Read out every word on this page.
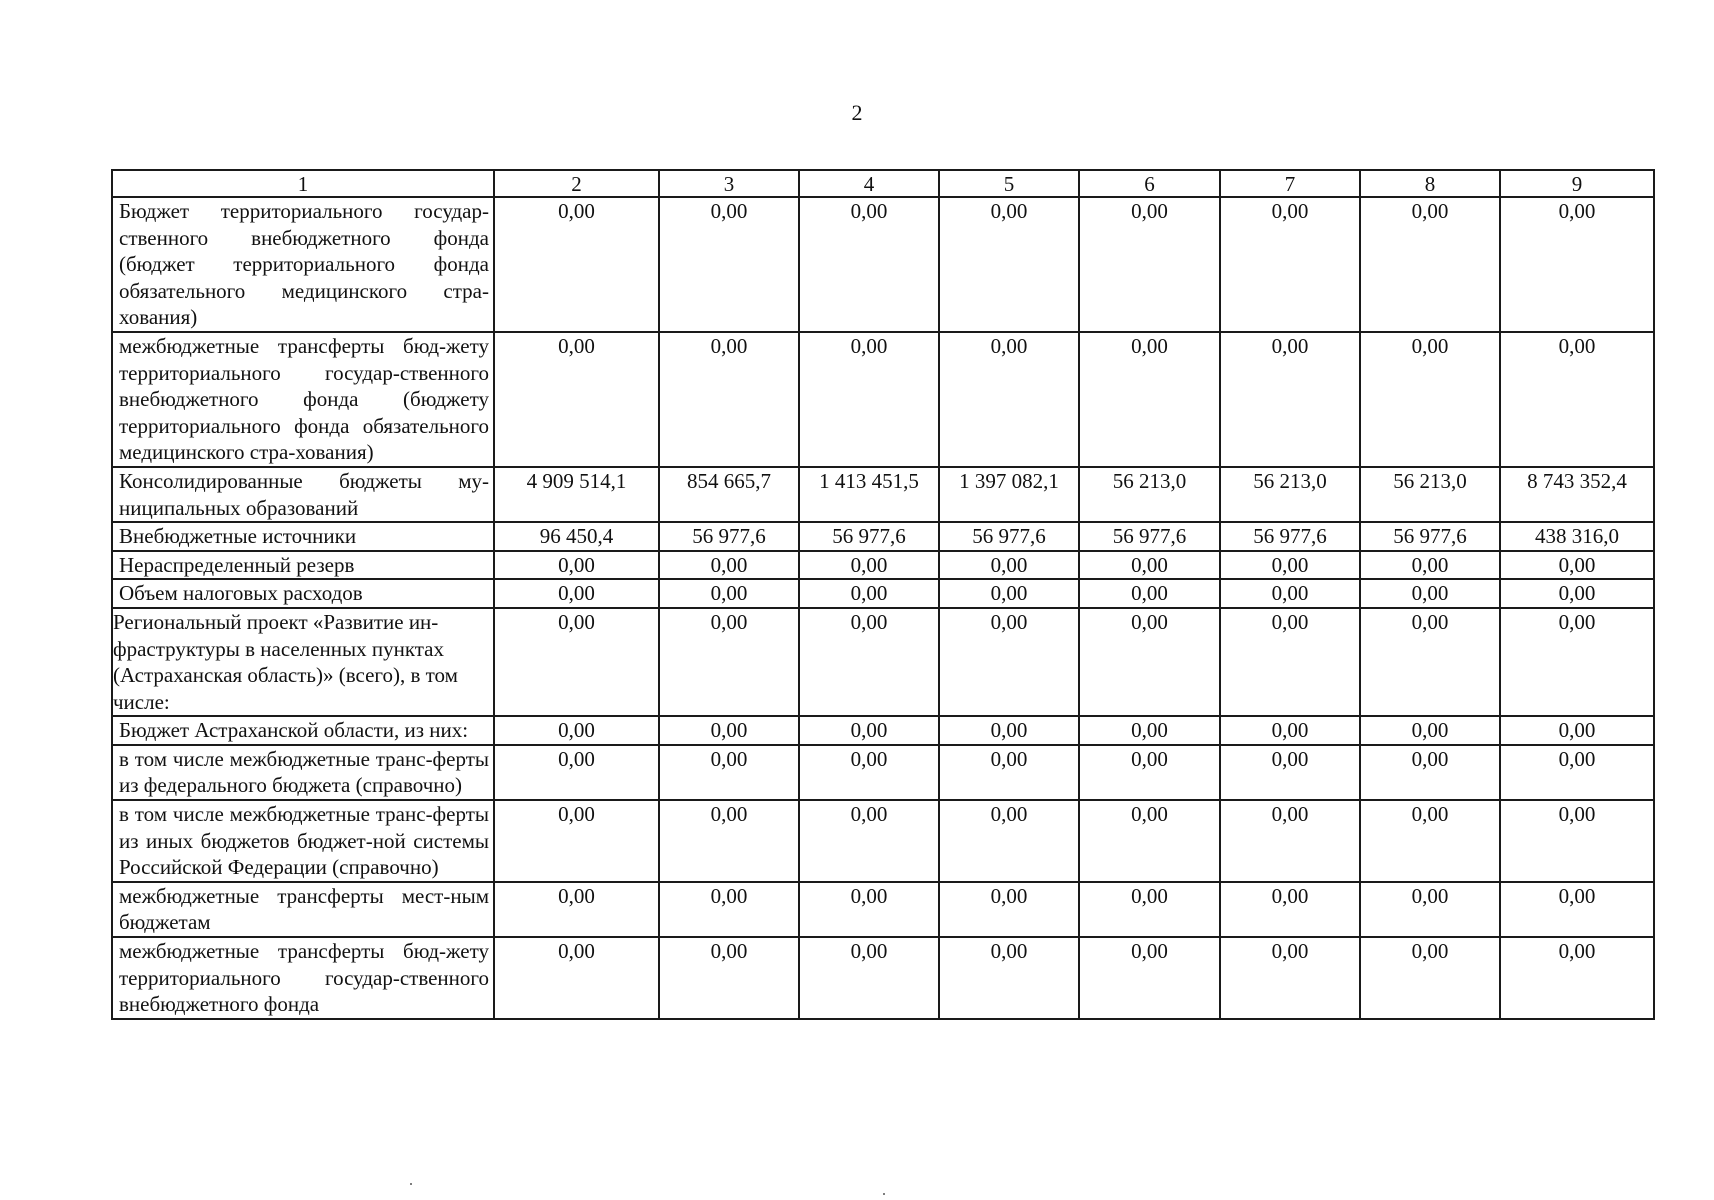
2
1	2	3	4	5	6	7	8	9
Бюджет территориального государ-ственного внебюджетного фонда (бюджет территориального фонда обязательного медицинского стра-хования)	0,00	0,00	0,00	0,00	0,00	0,00	0,00	0,00
межбюджетные трансферты бюд-жету территориального государ-ственного внебюджетного фонда (бюджету территориального фонда обязательного медицинского стра-хования)	0,00	0,00	0,00	0,00	0,00	0,00	0,00	0,00
Консолидированные бюджеты му-ниципальных образований	4 909 514,1	854 665,7	1 413 451,5	1 397 082,1	56 213,0	56 213,0	56 213,0	8 743 352,4
Внебюджетные источники	96 450,4	56 977,6	56 977,6	56 977,6	56 977,6	56 977,6	56 977,6	438 316,0
Нераспределенный резерв	0,00	0,00	0,00	0,00	0,00	0,00	0,00	0,00
Объем налоговых расходов	0,00	0,00	0,00	0,00	0,00	0,00	0,00	0,00
Региональный проект «Развитие ин-фраструктуры в населенных пунктах (Астраханская область)» (всего), в том числе:	0,00	0,00	0,00	0,00	0,00	0,00	0,00	0,00
Бюджет Астраханской области, из них:	0,00	0,00	0,00	0,00	0,00	0,00	0,00	0,00
в том числе межбюджетные транс-ферты из федерального бюджета (справочно)	0,00	0,00	0,00	0,00	0,00	0,00	0,00	0,00
в том числе межбюджетные транс-ферты из иных бюджетов бюджет-ной системы Российской Федерации (справочно)	0,00	0,00	0,00	0,00	0,00	0,00	0,00	0,00
межбюджетные трансферты мест-ным бюджетам	0,00	0,00	0,00	0,00	0,00	0,00	0,00	0,00
межбюджетные трансферты бюд-жету территориального государ-ственного внебюджетного фонда	0,00	0,00	0,00	0,00	0,00	0,00	0,00	0,00
